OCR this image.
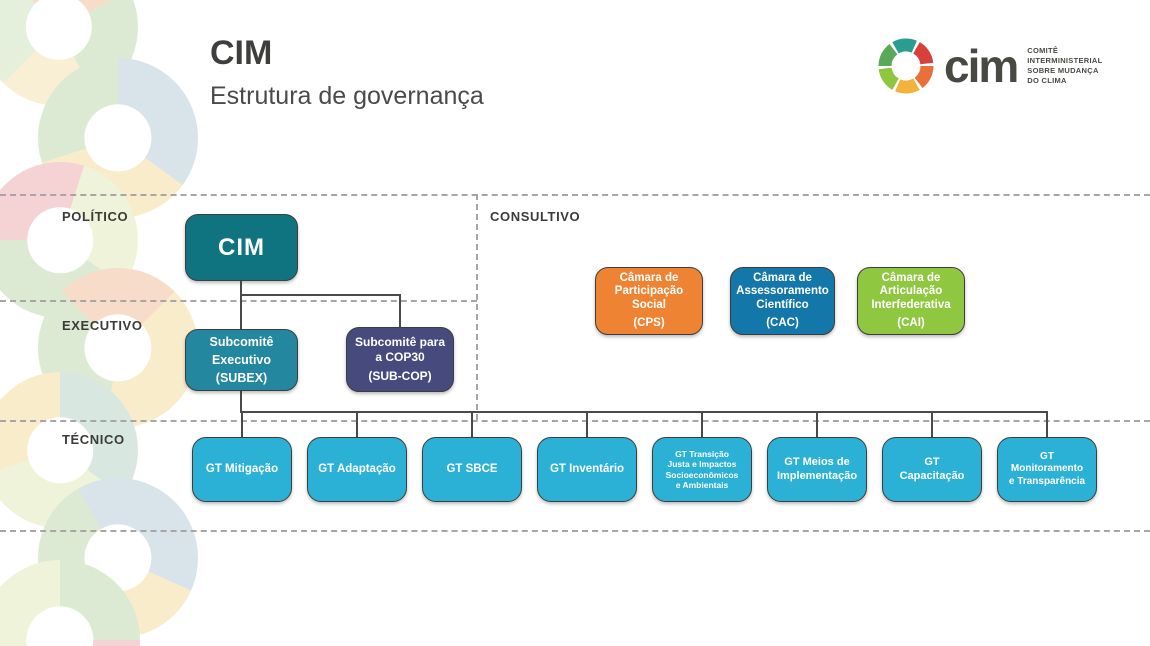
CIM
Estrutura de governança
cim COMITÊ
INTERMINISTERIAL
SOBRE MUDANÇA
DO CLIMA
POLÍTICO	CONSULTIVO
EXECUTIVO
TÉCNICO
CIM
Subcomitê
Executivo
(SUBEX)
Subcomitê para
a COP30
(SUB-COP)
Câmara de
Participação
Social
(CPS)
Câmara de
Assessoramento
Científico
(CAC)
Câmara de
Articulação
Interfederativa
(CAI)
GT Mitigação	GT Adaptação	GT SBCE	GT Inventário
GT Transição
Justa e Impactos
Socioeconômicos
e Ambientais
GT Meios de
Implementação
GT
Capacitação
GT
Monitoramento
e Transparência
